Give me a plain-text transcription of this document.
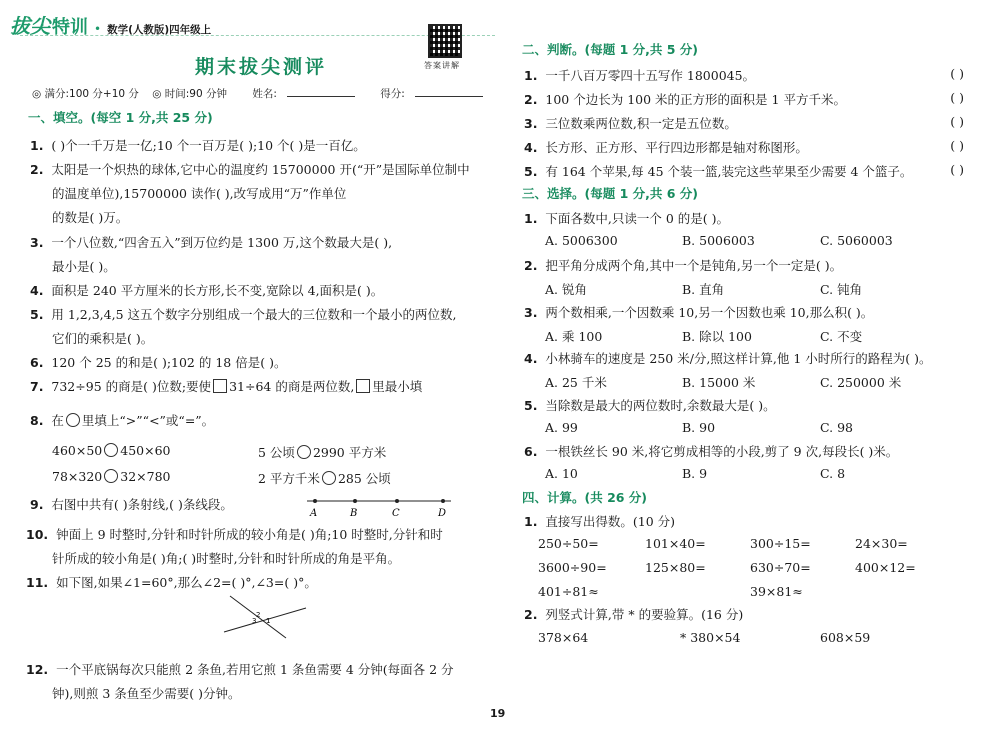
拔尖 特训 • 数学(人教版)四年级上
答案讲解
期末拔尖测评
◎ 满分:100 分+10 分 ◎ 时间:90 分钟 姓名:	得分:
一、填空。(每空 1 分,共 25 分)
1. ( )个一千万是一亿;10 个一百万是( );10 个( )是一百亿。
2. 太阳是一个炽热的球体,它中心的温度约 15700000 开(“开”是国际单位制中
的温度单位),15700000 读作( ),改写成用“万”作单位
的数是( )万。
3. 一个八位数,“四舍五入”到万位约是 1300 万,这个数最大是( ),
最小是( )。
4. 面积是 240 平方厘米的长方形,长不变,宽除以 4,面积是( )。
5. 用 1,2,3,4,5 这五个数字分别组成一个最大的三位数和一个最小的两位数,
它们的乘积是( )。
6. 120 个 25 的和是( );102 的 18 倍是( )。
7. 732÷95 的商是( )位数;要使 31÷64 的商是两位数, 里最小填
8. 在 里填上“>”“<”或“=”。
460×50 450×60	5 公顷 2990 平方米
78×320 32×780	2 平方千米 285 公顷
9. 右图中共有( )条射线,( )条线段。
A	B	C	D
10. 钟面上 9 时整时,分针和时针所成的较小角是( )角;10 时整时,分针和时
针所成的较小角是( )角;( )时整时,分针和时针所成的角是平角。
11. 如下图,如果∠1=60°,那么∠2=( )°,∠3=( )°。
2
3 1
12. 一个平底锅每次只能煎 2 条鱼,若用它煎 1 条鱼需要 4 分钟(每面各 2 分
钟),则煎 3 条鱼至少需要( )分钟。
19
二、判断。(每题 1 分,共 5 分)
1. 一千八百万零四十五写作 1800045。	( )
2. 100 个边长为 100 米的正方形的面积是 1 平方千米。	( )
3. 三位数乘两位数,积一定是五位数。	( )
4. 长方形、正方形、平行四边形都是轴对称图形。	( )
5. 有 164 个苹果,每 45 个装一篮,装完这些苹果至少需要 4 个篮子。	( )
三、选择。(每题 1 分,共 6 分)
1. 下面各数中,只读一个 0 的是( )。
A. 5006300	B. 5006003	C. 5060003
2. 把平角分成两个角,其中一个是钝角,另一个一定是( )。
A. 锐角	B. 直角	C. 钝角
3. 两个数相乘,一个因数乘 10,另一个因数也乘 10,那么积( )。
A. 乘 100	B. 除以 100	C. 不变
4. 小林骑车的速度是 250 米/分,照这样计算,他 1 小时所行的路程为( )。
A. 25 千米	B. 15000 米	C. 250000 米
5. 当除数是最大的两位数时,余数最大是( )。
A. 99	B. 90	C. 98
6. 一根铁丝长 90 米,将它剪成相等的小段,剪了 9 次,每段长( )米。
A. 10	B. 9	C. 8
四、计算。(共 26 分)
1. 直接写出得数。(10 分)
250÷50=	101×40=	300÷15=	24×30=
3600÷90=	125×80=	630÷70=	400×12=
401÷81≈	39×81≈
2. 列竖式计算,带 * 的要验算。(16 分)
378×64	* 380×54	608×59
